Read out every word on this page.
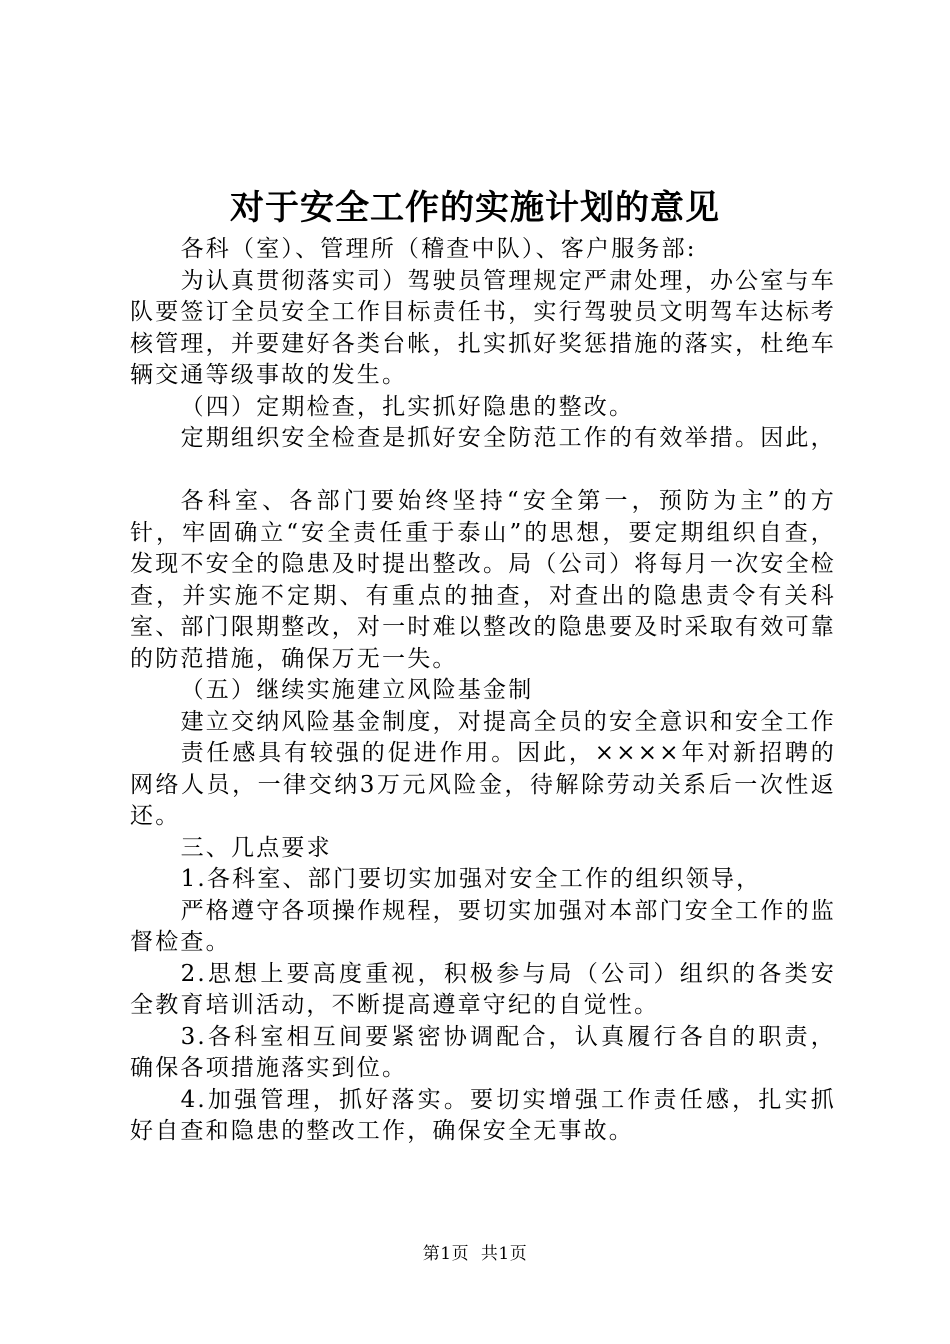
对于安全工作的实施计划的意见

各科（室）、管理所（稽查中队）、客户服务部:

为认真贯彻落实司）驾驶员管理规定严肃处理，办公室与车队要签订全员安全工作目标责任书，实行驾驶员文明驾车达标考核管理，并要建好各类台帐，扎实抓好奖惩措施的落实，杜绝车辆交通等级事故的发生。

（四）定期检查，扎实抓好隐患的整改。

定期组织安全检查是抓好安全防范工作的有效举措。因此，

各科室、各部门要始终坚持“安全第一，预防为主”的方针，牢固确立“安全责任重于泰山”的思想，要定期组织自查，发现不安全的隐患及时提出整改。局（公司）将每月一次安全检查，并实施不定期、有重点的抽查，对查出的隐患责令有关科室、部门限期整改，对一时难以整改的隐患要及时采取有效可靠的防范措施，确保万无一失。

（五）继续实施建立风险基金制

建立交纳风险基金制度，对提高全员的安全意识和安全工作

责任感具有较强的促进作用。因此，××××年对新招聘的网络人员，一律交纳3万元风险金，待解除劳动关系后一次性返还。

三、几点要求

1.各科室、部门要切实加强对安全工作的组织领导，

严格遵守各项操作规程，要切实加强对本部门安全工作的监督检查。

2.思想上要高度重视，积极参与局（公司）组织的各类安全教育培训活动，不断提高遵章守纪的自觉性。

3.各科室相互间要紧密协调配合，认真履行各自的职责，确保各项措施落实到位。

4.加强管理，抓好落实。要切实增强工作责任感，扎实抓好自查和隐患的整改工作，确保安全无事故。

第1页 共1页
